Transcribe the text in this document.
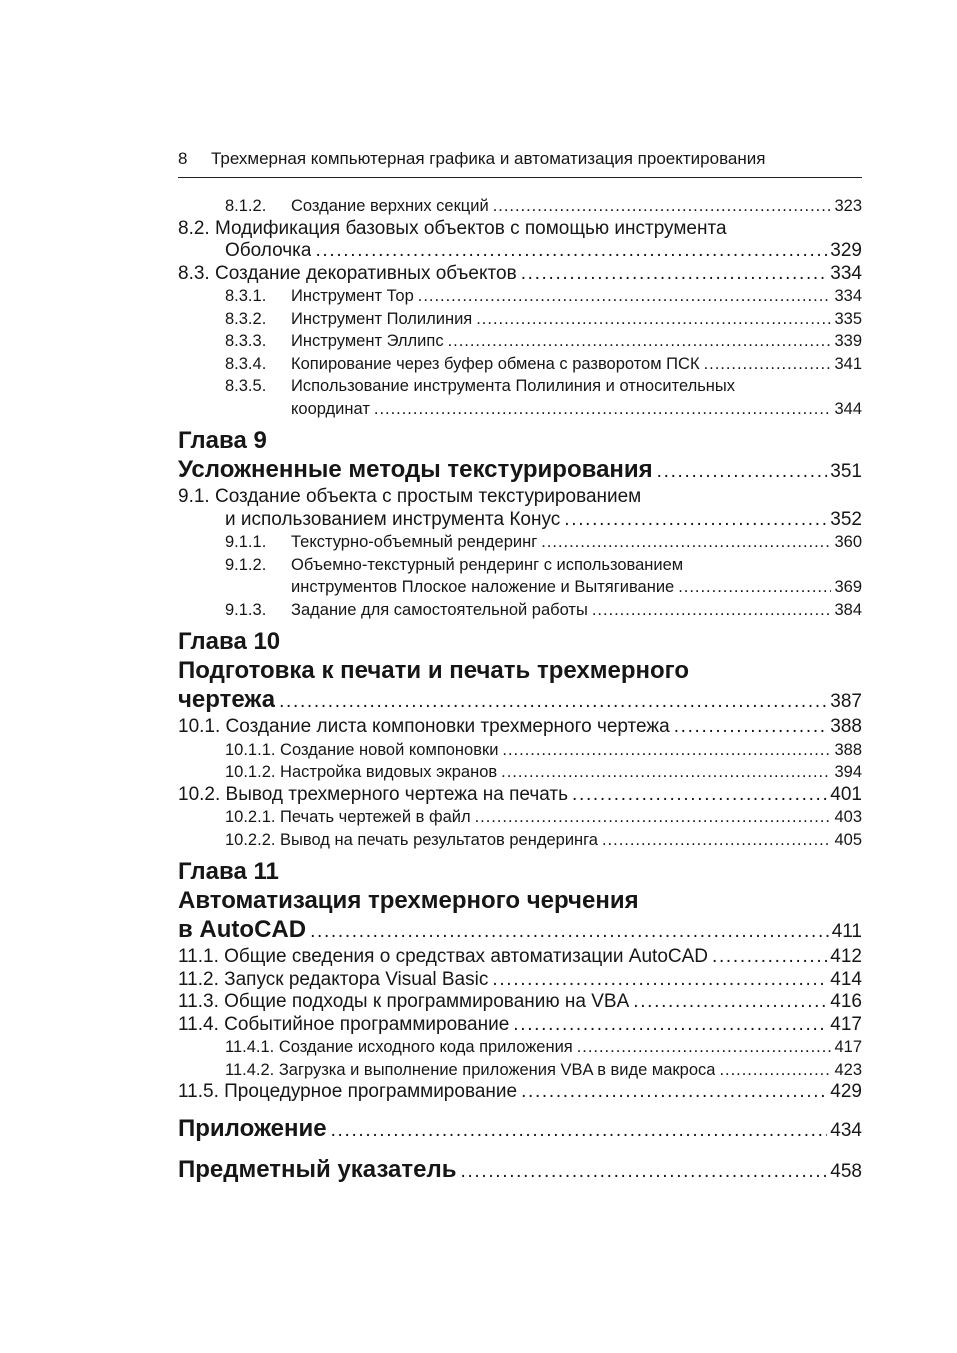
8 Трехмерная компьютерная графика и автоматизация проектирования
8.1.2.	Создание верхних секций . . .	323
8.2. Модификация базовых объектов с помощью инструмента
Оболочка . . .	329
8.3. Создание декоративных объектов . . .	334
8.3.1.	Инструмент Тор . . .	334
8.3.2.	Инструмент Полилиния . . .	335
8.3.3.	Инструмент Эллипс . . .	339
8.3.4.	Копирование через буфер обмена с разворотом ПСК . . .	341
8.3.5.	Использование инструмента Полилиния и относительных
координат . . .	344
Глава 9
Усложненные методы текстурирования . . .	351
9.1. Создание объекта с простым текстурированием
и использованием инструмента Конус . . .	352
9.1.1.	Текстурно-объемный рендеринг . . .	360
9.1.2.	Объемно-текстурный рендеринг с использованием
инструментов Плоское наложение и Вытягивание . . .	369
9.1.3.	Задание для самостоятельной работы . . .	384
Глава 10
Подготовка к печати и печать трехмерного
чертежа . . .	387
10.1. Создание листа компоновки трехмерного чертежа . . .	388
10.1.1. Создание новой компоновки . . .	388
10.1.2. Настройка видовых экранов . . .	394
10.2. Вывод трехмерного чертежа на печать . . .	401
10.2.1. Печать чертежей в файл . . .	403
10.2.2. Вывод на печать результатов рендеринга . . .	405
Глава 11
Автоматизация трехмерного черчения
в AutoCAD . . .	411
11.1. Общие сведения о средствах автоматизации AutoCAD . . .	412
11.2. Запуск редактора Visual Basic . . .	414
11.3. Общие подходы к программированию на VBA . . .	416
11.4. Событийное программирование . . .	417
11.4.1. Создание исходного кода приложения . . .	417
11.4.2. Загрузка и выполнение приложения VBA в виде макроса . . .	423
11.5. Процедурное программирование . . .	429
Приложение . . .	434
Предметный указатель . . .	458
